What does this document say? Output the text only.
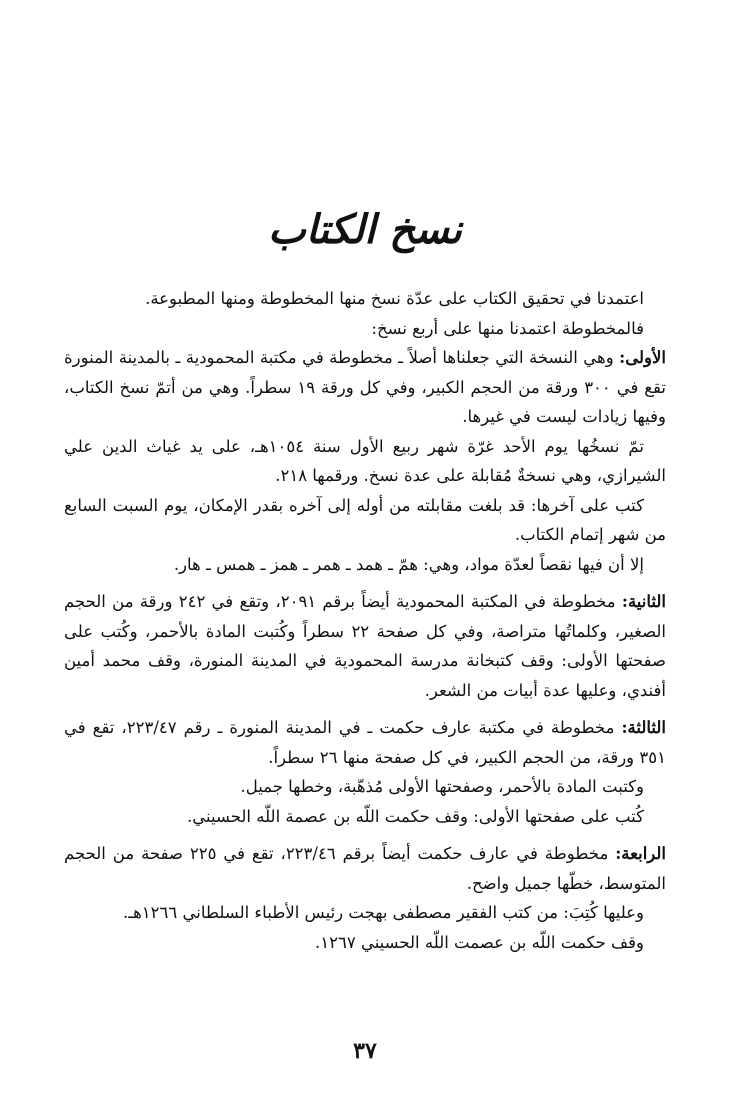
نسخ الكتاب

اعتمدنا في تحقيق الكتاب على عدّة نسخ منها المخطوطة ومنها المطبوعة.

فالمخطوطة اعتمدنا منها على أربع نسخ:

الأولى: وهي النسخة التي جعلناها أصلاً ـ مخطوطة في مكتبة المحمودية ـ بالمدينة المنورة تقع في ٣٠٠ ورقة من الحجم الكبير، وفي كل ورقة ١٩ سطراً. وهي من أتمّ نسخ الكتاب، وفيها زيادات ليست في غيرها.

تمّ نسخُها يوم الأحد غرّة شهر ربيع الأول سنة ١٠٥٤هـ، على يد غياث الدين علي الشيرازي، وهي نسخةٌ مُقابلة على عدة نسخ. ورقمها ٢١٨.

كتب على آخرها: قد بلغت مقابلته من أوله إلى آخره بقدر الإمكان، يوم السبت السابع من شهر إتمام الكتاب.

إلا أن فيها نقصاً لعدّة مواد، وهي: همّ ـ همد ـ همر ـ همز ـ همس ـ هار.

الثانية: مخطوطة في المكتبة المحمودية أيضاً برقم ٢٠٩١، وتقع في ٢٤٢ ورقة من الحجم الصغير، وكلماتُها متراصة، وفي كل صفحة ٢٢ سطراً وكُتبت المادة بالأحمر، وكُتب على صفحتها الأولى: وقف كتبخانة مدرسة المحمودية في المدينة المنورة، وقف محمد أمين أفندي، وعليها عدة أبيات من الشعر.

الثالثة: مخطوطة في مكتبة عارف حكمت ـ في المدينة المنورة ـ رقم ٢٢٣/٤٧، تقع في ٣٥١ ورقة، من الحجم الكبير، في كل صفحة منها ٢٦ سطراً.

وكتبت المادة بالأحمر، وصفحتها الأولى مُذهّبة، وخطها جميل.

كُتب على صفحتها الأولى: وقف حكمت اللّه بن عصمة اللّه الحسيني.

الرابعة: مخطوطة في عارف حكمت أيضاً برقم ٢٢٣/٤٦، تقع في ٢٢٥ صفحة من الحجم المتوسط، خطّها جميل واضح.

وعليها كُتِبَ: من كتب الفقير مصطفى بهجت رئيس الأطباء السلطاني ١٢٦٦هـ.

وقف حكمت اللّه بن عصمت اللّه الحسيني ١٢٦٧.

٣٧
